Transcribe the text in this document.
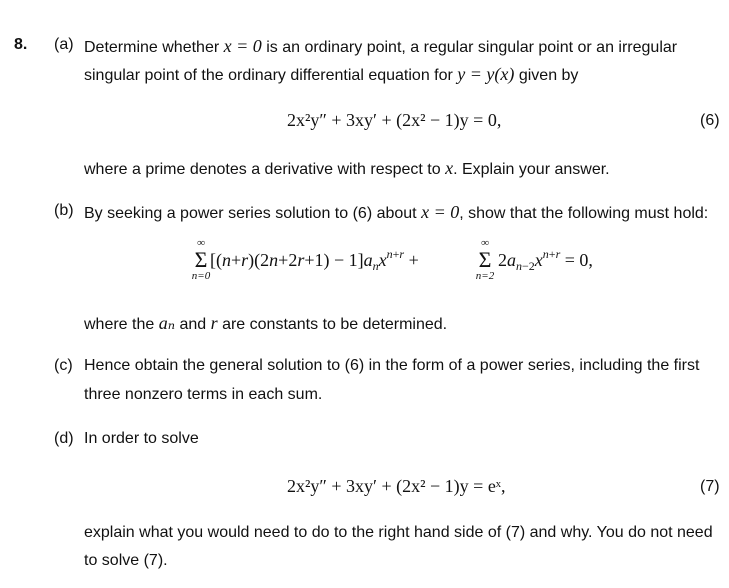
8. (a) Determine whether x = 0 is an ordinary point, a regular singular point or an irregular
singular point of the ordinary differential equation for y = y(x) given by
2x²y″ + 3xy′ + (2x² − 1)y = 0,	(6)
where a prime denotes a derivative with respect to x. Explain your answer.
(b) By seeking a power series solution to (6) about x = 0, show that the following must hold:
∞
Σ
n=0
$[(n+r)(2n+2r+1) - 1]a_nx^{n+r}$ +
∞
Σ
n=2
$2a_{n-2}x^{n+r} = 0$,
where the aₙ and r are constants to be determined.
(c) Hence obtain the general solution to (6) in the form of a power series, including the first
three nonzero terms in each sum.
(d) In order to solve
2x²y″ + 3xy′ + (2x² − 1)y = eˣ,	(7)
explain what you would need to do to the right hand side of (7) and why. You do not need
to solve (7).
